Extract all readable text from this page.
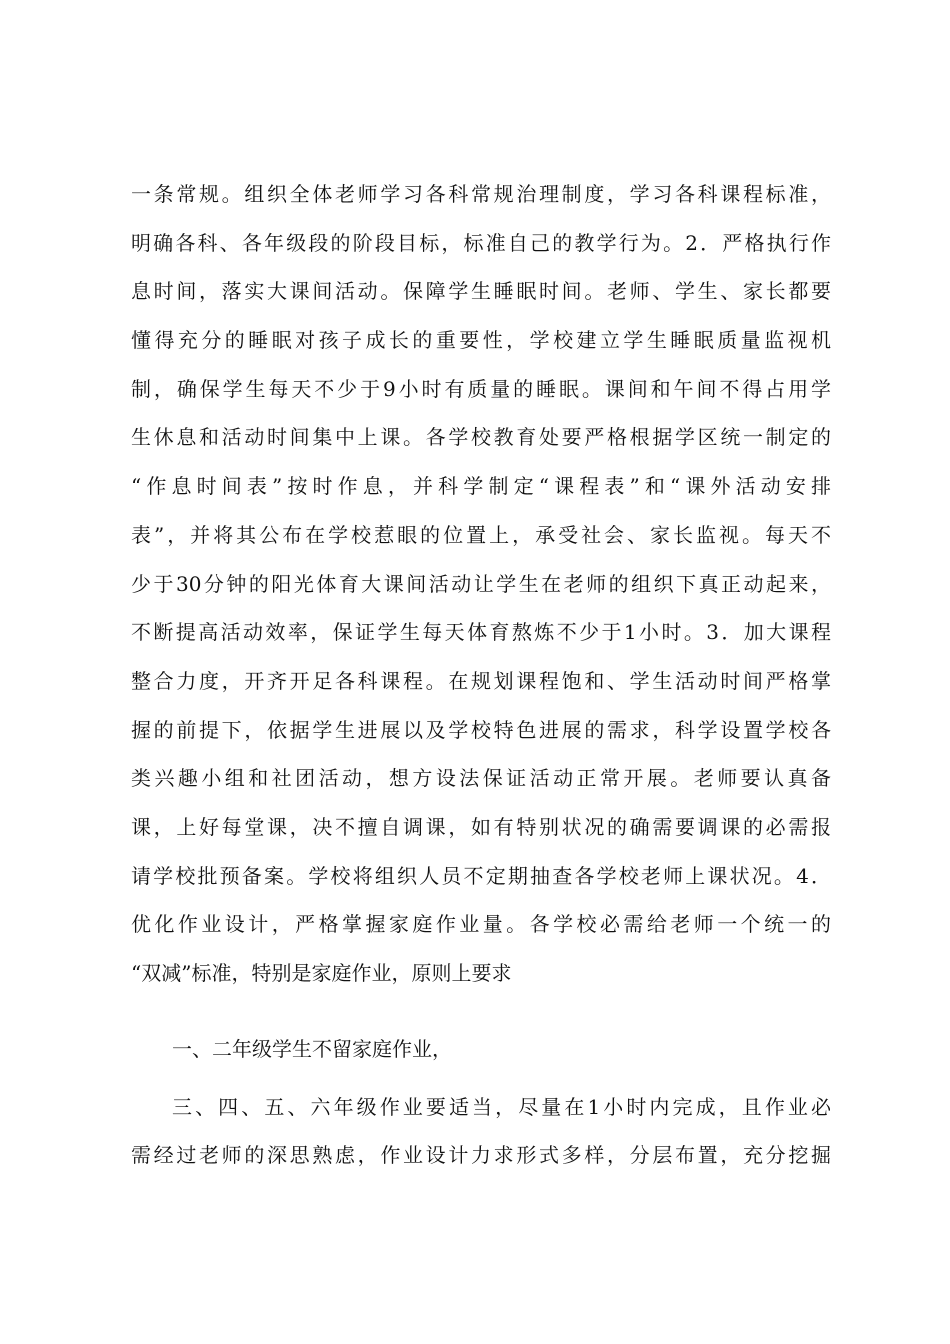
一条常规。组织全体老师学习各科常规治理制度，学习各科课程标准，
明确各科、各年级段的阶段目标，标准自己的教学行为。2．严格执行作
息时间，落实大课间活动。保障学生睡眠时间。老师、学生、家长都要
懂得充分的睡眠对孩子成长的重要性，学校建立学生睡眠质量监视机
制，确保学生每天不少于9小时有质量的睡眠。课间和午间不得占用学
生休息和活动时间集中上课。各学校教育处要严格根据学区统一制定的
“作息时间表”按时作息，并科学制定“课程表”和“课外活动安排
表”，并将其公布在学校惹眼的位置上，承受社会、家长监视。每天不
少于30分钟的阳光体育大课间活动让学生在老师的组织下真正动起来，
不断提高活动效率，保证学生每天体育熬炼不少于1小时。3．加大课程
整合力度，开齐开足各科课程。在规划课程饱和、学生活动时间严格掌
握的前提下，依据学生进展以及学校特色进展的需求，科学设置学校各
类兴趣小组和社团活动，想方设法保证活动正常开展。老师要认真备
课，上好每堂课，决不擅自调课，如有特别状况的确需要调课的必需报
请学校批预备案。学校将组织人员不定期抽查各学校老师上课状况。4．
优化作业设计，严格掌握家庭作业量。各学校必需给老师一个统一的
“双减”标准，特别是家庭作业，原则上要求
一、二年级学生不留家庭作业，
三、四、五、六年级作业要适当，尽量在1小时内完成，且作业必
需经过老师的深思熟虑，作业设计力求形式多样，分层布置，充分挖掘
